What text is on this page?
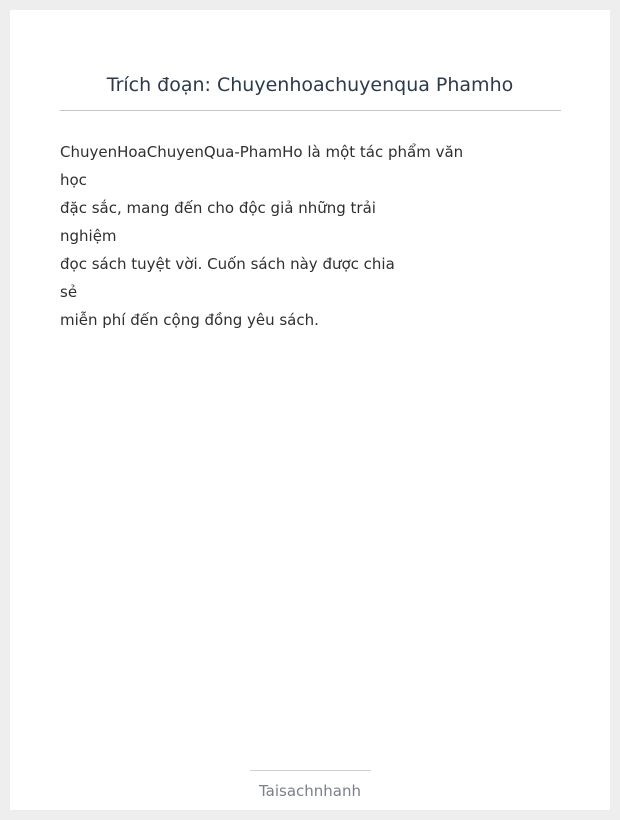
Trích đoạn: Chuyenhoachuyenqua Phamho
ChuyenHoaChuyenQua-PhamHo là một tác phẩm văn
học
đặc sắc, mang đến cho độc giả những trải
nghiệm
đọc sách tuyệt vời. Cuốn sách này được chia
sẻ
miễn phí đến cộng đồng yêu sách.
Taisachnhanh
